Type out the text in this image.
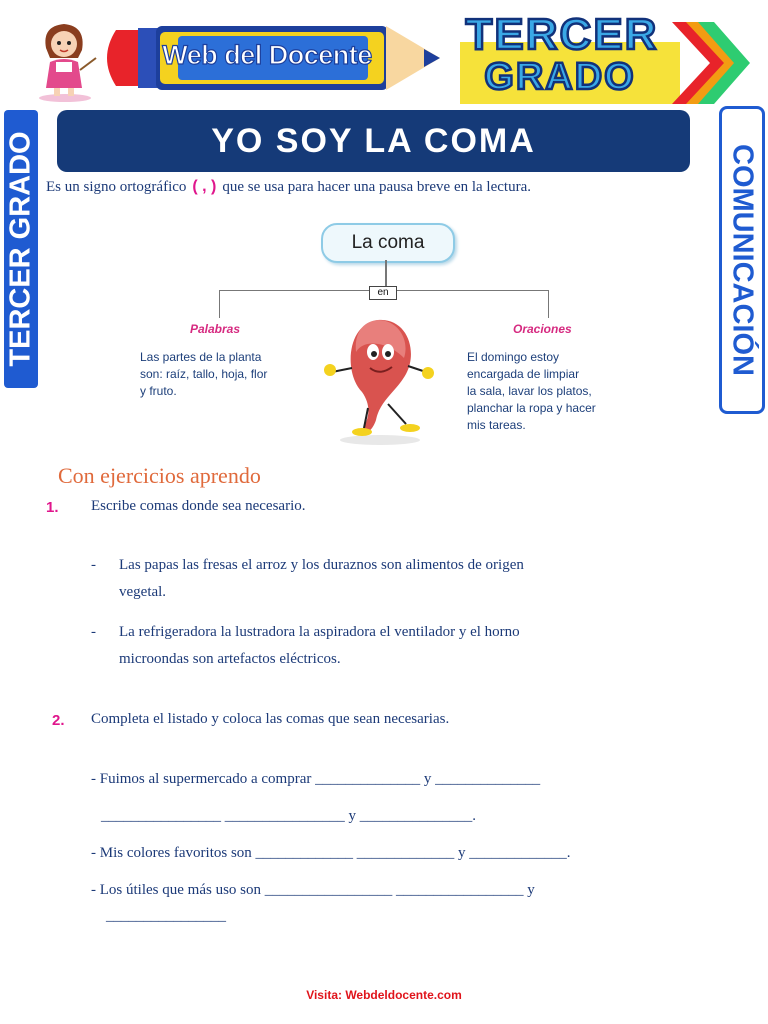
Web del Docente	TERCER
GRADO
TERCER GRADO	COMUNICACIÓN
YO SOY LA COMA
Es un signo ortográfico ( , ) que se usa para hacer una pausa breve en la lectura.
La coma
en
Palabras
Las partes de la planta
son: raíz, tallo, hoja, flor
y fruto.
Oraciones
El domingo estoy
encargada de limpiar
la sala, lavar los platos,
planchar la ropa y hacer
mis tareas.
Con ejercicios aprendo
1. Escribe comas donde sea necesario.
- Las papas las fresas el arroz y los duraznos son alimentos de origen
vegetal.
- La refrigeradora la lustradora la aspiradora el ventilador y el horno
microondas son artefactos eléctricos.
2. Completa el listado y coloca las comas que sean necesarias.
- Fuimos al supermercado a comprar ______________ y ______________
________________ ________________ y _______________.
- Mis colores favoritos son _____________ _____________ y _____________.
- Los útiles que más uso son _________________ _________________ y
________________
Visita: Webdeldocente.com
